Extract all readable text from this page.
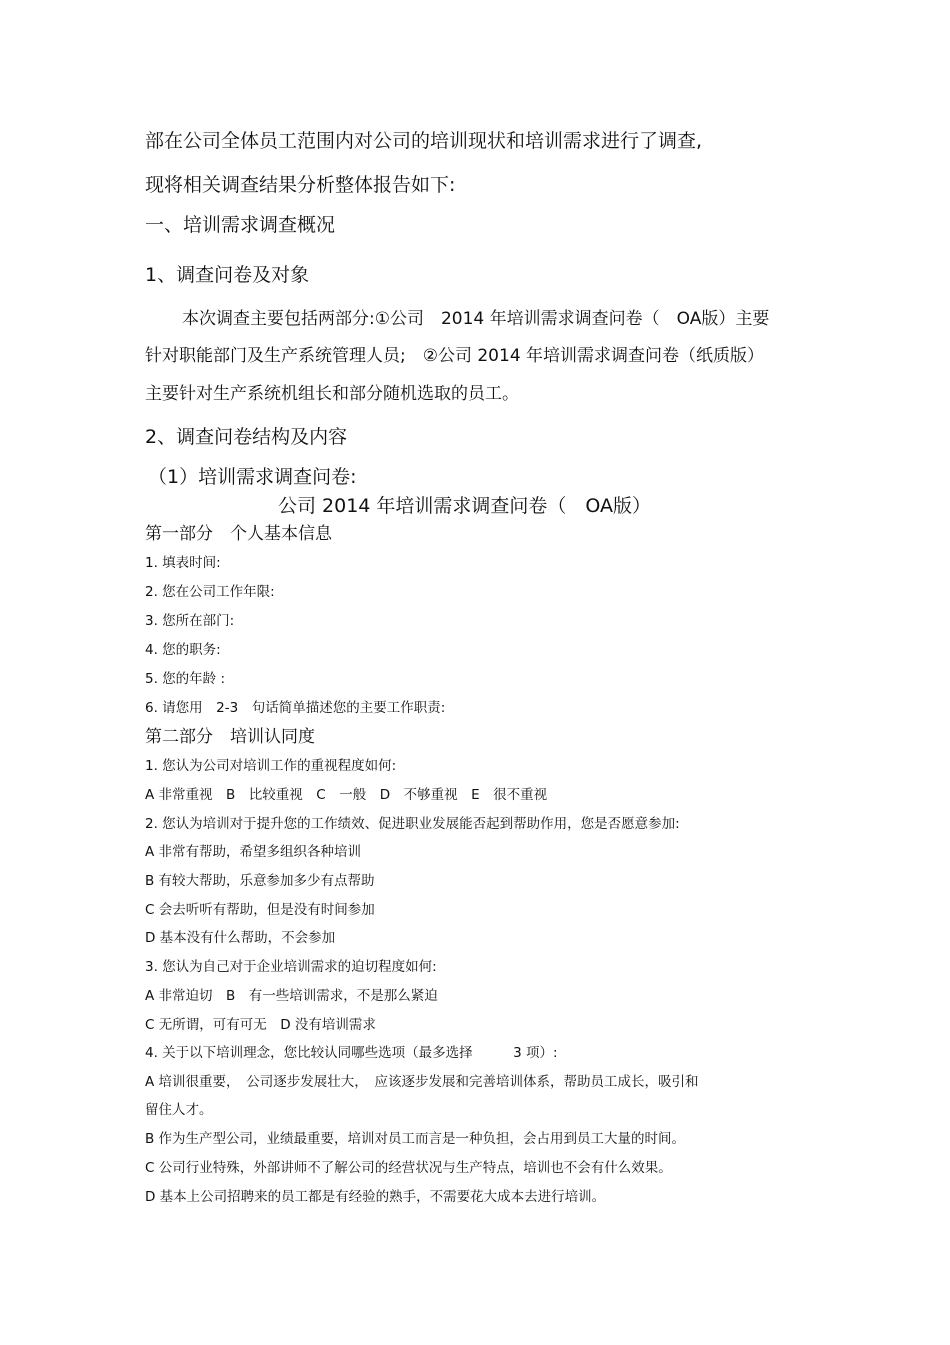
部在公司全体员工范围内对公司的培训现状和培训需求进行了调查,
现将相关调查结果分析整体报告如下:
一、培训需求调查概况
1、调查问卷及对象
本次调查主要包括两部分:①公司　2014 年培训需求调查问卷（　OA版）主要
针对职能部门及生产系统管理人员;　②公司 2014 年培训需求调查问卷（纸质版）
主要针对生产系统机组长和部分随机选取的员工。
2、调查问卷结构及内容
（1）培训需求调查问卷:
公司 2014 年培训需求调查问卷（　OA版）
第一部分　个人基本信息
1. 填表时间:
2. 您在公司工作年限:
3. 您所在部门:
4. 您的职务:
5. 您的年龄 :
6. 请您用　2-3　句话简单描述您的主要工作职责:
第二部分　培训认同度
1. 您认为公司对培训工作的重视程度如何:
A 非常重视　B　比较重视　C　一般　D　不够重视　E　很不重视
2. 您认为培训对于提升您的工作绩效、促进职业发展能否起到帮助作用，您是否愿意参加:
A 非常有帮助，希望多组织各种培训
B 有较大帮助，乐意参加多少有点帮助
C 会去听听有帮助，但是没有时间参加
D 基本没有什么帮助，不会参加
3. 您认为自己对于企业培训需求的迫切程度如何:
A 非常迫切　B　有一些培训需求，不是那么紧迫
C 无所谓，可有可无　D 没有培训需求
4. 关于以下培训理念，您比较认同哪些选项（最多选择　　　3 项）:
A 培训很重要，　公司逐步发展壮大，　应该逐步发展和完善培训体系，帮助员工成长，吸引和
留住人才。
B 作为生产型公司，业绩最重要，培训对员工而言是一种负担，会占用到员工大量的时间。
C 公司行业特殊，外部讲师不了解公司的经营状况与生产特点，培训也不会有什么效果。
D 基本上公司招聘来的员工都是有经验的熟手，不需要花大成本去进行培训。
